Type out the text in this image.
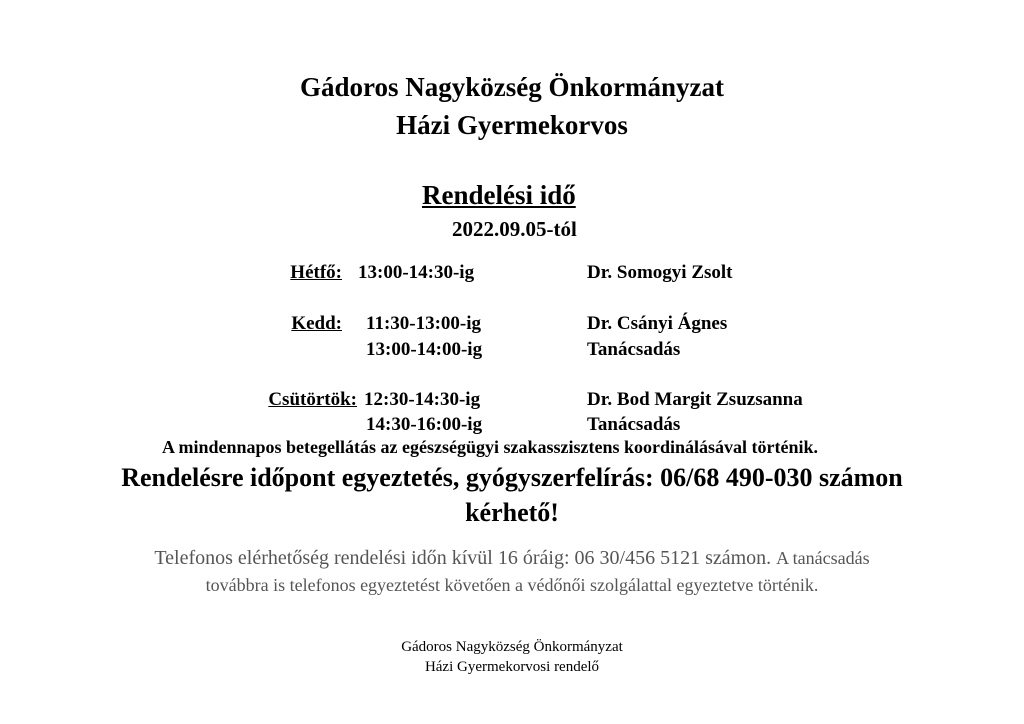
Gádoros Nagyközség Önkormányzat
Házi Gyermekorvos
Rendelési idő
2022.09.05-tól
Hétfő: 13:00-14:30-ig	Dr. Somogyi Zsolt
Kedd: 11:30-13:00-ig	Dr. Csányi Ágnes
13:00-14:00-ig	Tanácsadás
Csütörtök: 12:30-14:30-ig	Dr. Bod Margit Zsuzsanna
14:30-16:00-ig	Tanácsadás
A mindennapos betegellátás az egészségügyi szakasszisztens koordinálásával történik.
Rendelésre időpont egyeztetés, gyógyszerfelírás: 06/68 490-030 számon
kérhető!
Telefonos elérhetőség rendelési időn kívül 16 óráig: 06 30/456 5121 számon. A tanácsadás
továbbra is telefonos egyeztetést követően a védőnői szolgálattal egyeztetve történik.
Gádoros Nagyközség Önkormányzat
Házi Gyermekorvosi rendelő
